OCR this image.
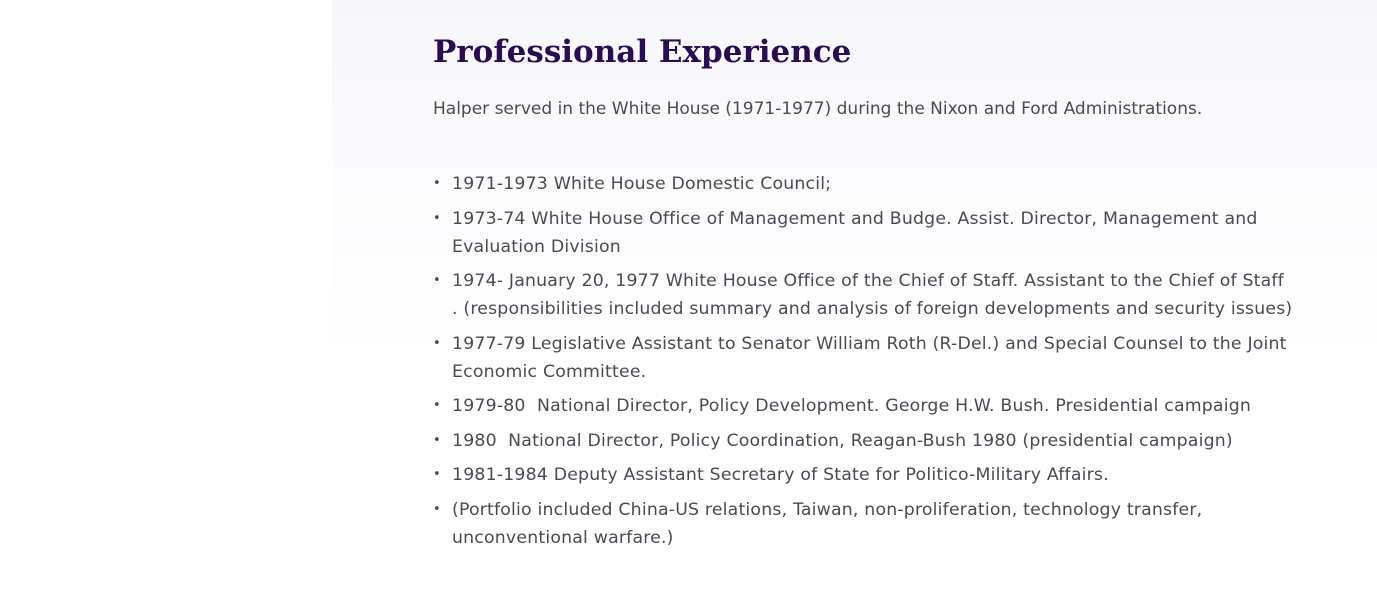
Professional Experience

Halper served in the White House (1971-1977) during the Nixon and Ford Administrations.

• 1971-1973 White House Domestic Council;
• 1973-74 White House Office of Management and Budge. Assist. Director, Management and Evaluation Division
• 1974- January 20, 1977 White House Office of the Chief of Staff. Assistant to the Chief of Staff . (responsibilities included summary and analysis of foreign developments and security issues)
• 1977-79 Legislative Assistant to Senator William Roth (R-Del.) and Special Counsel to the Joint Economic Committee.
• 1979-80  National Director, Policy Development. George H.W. Bush. Presidential campaign
• 1980  National Director, Policy Coordination, Reagan-Bush 1980 (presidential campaign)
• 1981-1984 Deputy Assistant Secretary of State for Politico-Military Affairs.
• (Portfolio included China-US relations, Taiwan, non-proliferation, technology transfer, unconventional warfare.)
